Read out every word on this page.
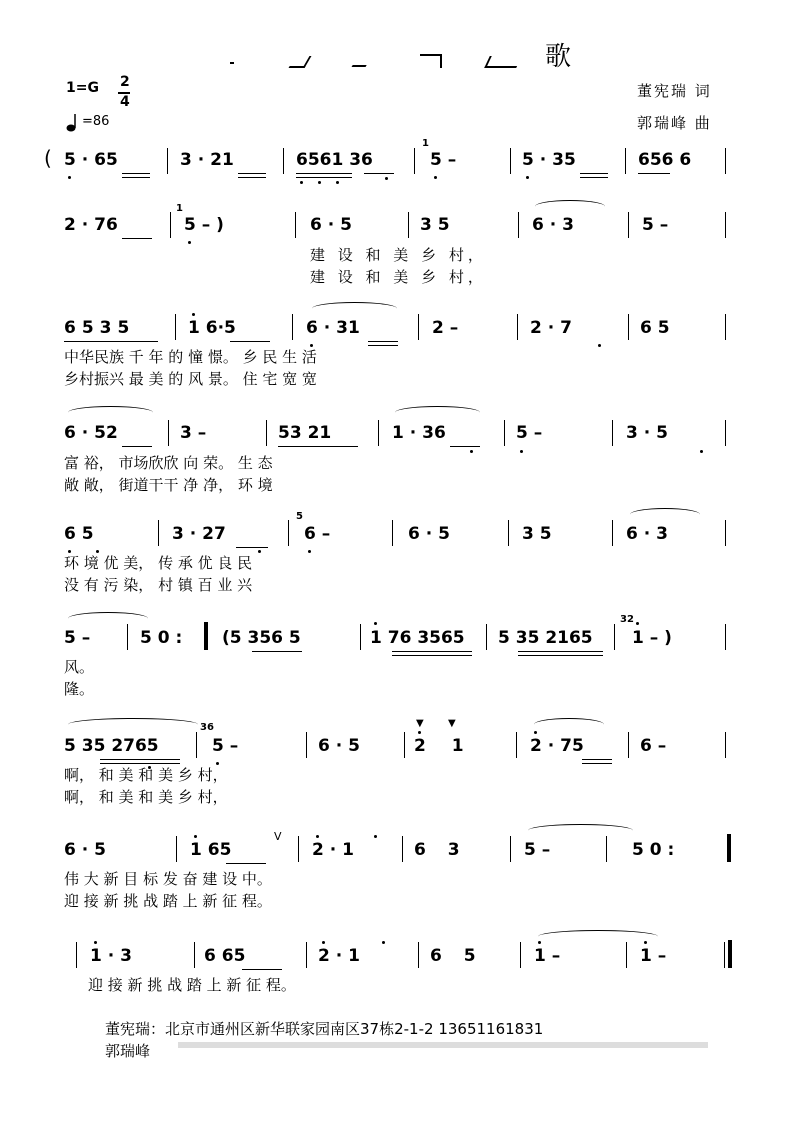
歌
1=G 2
4
=86
董宪瑞 词
郭瑞峰 曲
( 5 · 65	3 · 21	6561 36
1
5 –	5 · 35	656 6
2 · 76
1
5 – )	6 · 5	3 5	6 · 3	5 –
建 设 和 美 乡 村，
建 设 和 美 乡 村，
6535	1 6·5	6 · 31	2 –	2 · 7	6 5
中华民族 千 年 的 憧 憬。 乡 民 生 活
乡村振兴 最 美 的 风 景。 住 宅 宽 宽
6 · 52	3 –	53 21	1 · 36	5 –	3 · 5
富 裕， 市场欣欣 向 荣。 生 态
敞 敞， 街道干干 净 净， 环 境
6 5	3 · 27
5
6 –	6 · 5	3 5	6 · 3
环 境 优 美， 传 承 优 良 民
没 有 污 染， 村 镇 百 业 兴
5 –	5 0 : (5 356 5	1 76 3565 5 35 2165
32
1 – )
风。
隆。
5 35 2765
36
5 –	6 · 5	2 1	2 · 75	6 –
▼ ▼
啊， 和 美 和 美 乡 村，
啊， 和 美 和 美 乡 村，
6 · 5	1 65
V
2 · 1	6 3	5 –	5 0 :
伟 大 新 目 标 发 奋 建 设 中。
迎 接 新 挑 战 踏 上 新 征 程。
1 · 3	6 65	2 · 1	6 5	1 –	1 –
迎 接 新 挑 战 踏 上 新 征 程。
董宪瑞：北京市通州区新华联家园南区37栋2-1-2 13651161831
郭瑞峰
